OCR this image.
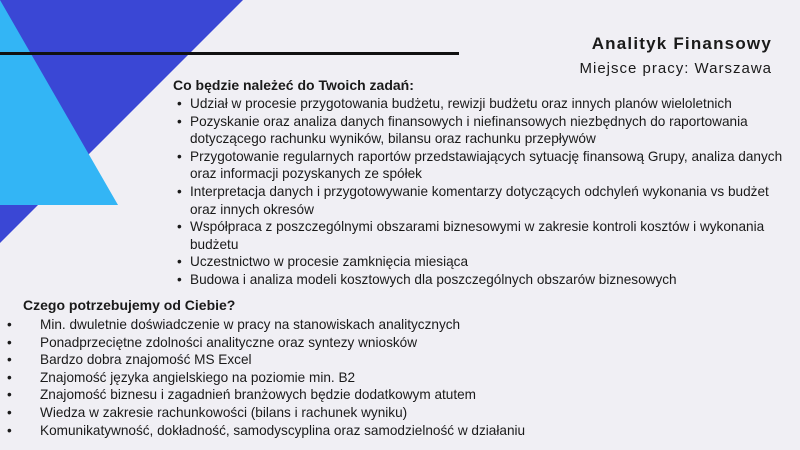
Analityk Finansowy
Miejsce pracy: Warszawa
Co będzie należeć do Twoich zadań:
• Udział w procesie przygotowania budżetu, rewizji budżetu oraz innych planów wieloletnich
• Pozyskanie oraz analiza danych finansowych i niefinansowych niezbędnych do raportowania dotyczącego rachunku wyników, bilansu oraz rachunku przepływów
• Przygotowanie regularnych raportów przedstawiających sytuację finansową Grupy, analiza danych oraz informacji pozyskanych ze spółek
• Interpretacja danych i przygotowywanie komentarzy dotyczących odchyleń wykonania vs budżet oraz innych okresów
• Współpraca z poszczególnymi obszarami biznesowymi w zakresie kontroli kosztów i wykonania budżetu
• Uczestnictwo w procesie zamknięcia miesiąca
• Budowa i analiza modeli kosztowych dla poszczególnych obszarów biznesowych
Czego potrzebujemy od Ciebie?
• Min. dwuletnie doświadczenie w pracy na stanowiskach analitycznych
• Ponadprzeciętne zdolności analityczne oraz syntezy wniosków
• Bardzo dobra znajomość MS Excel
• Znajomość języka angielskiego na poziomie min. B2
• Znajomość biznesu i zagadnień branżowych będzie dodatkowym atutem
• Wiedza w zakresie rachunkowości (bilans i rachunek wyniku)
• Komunikatywność, dokładność, samodyscyplina oraz samodzielność w działaniu
